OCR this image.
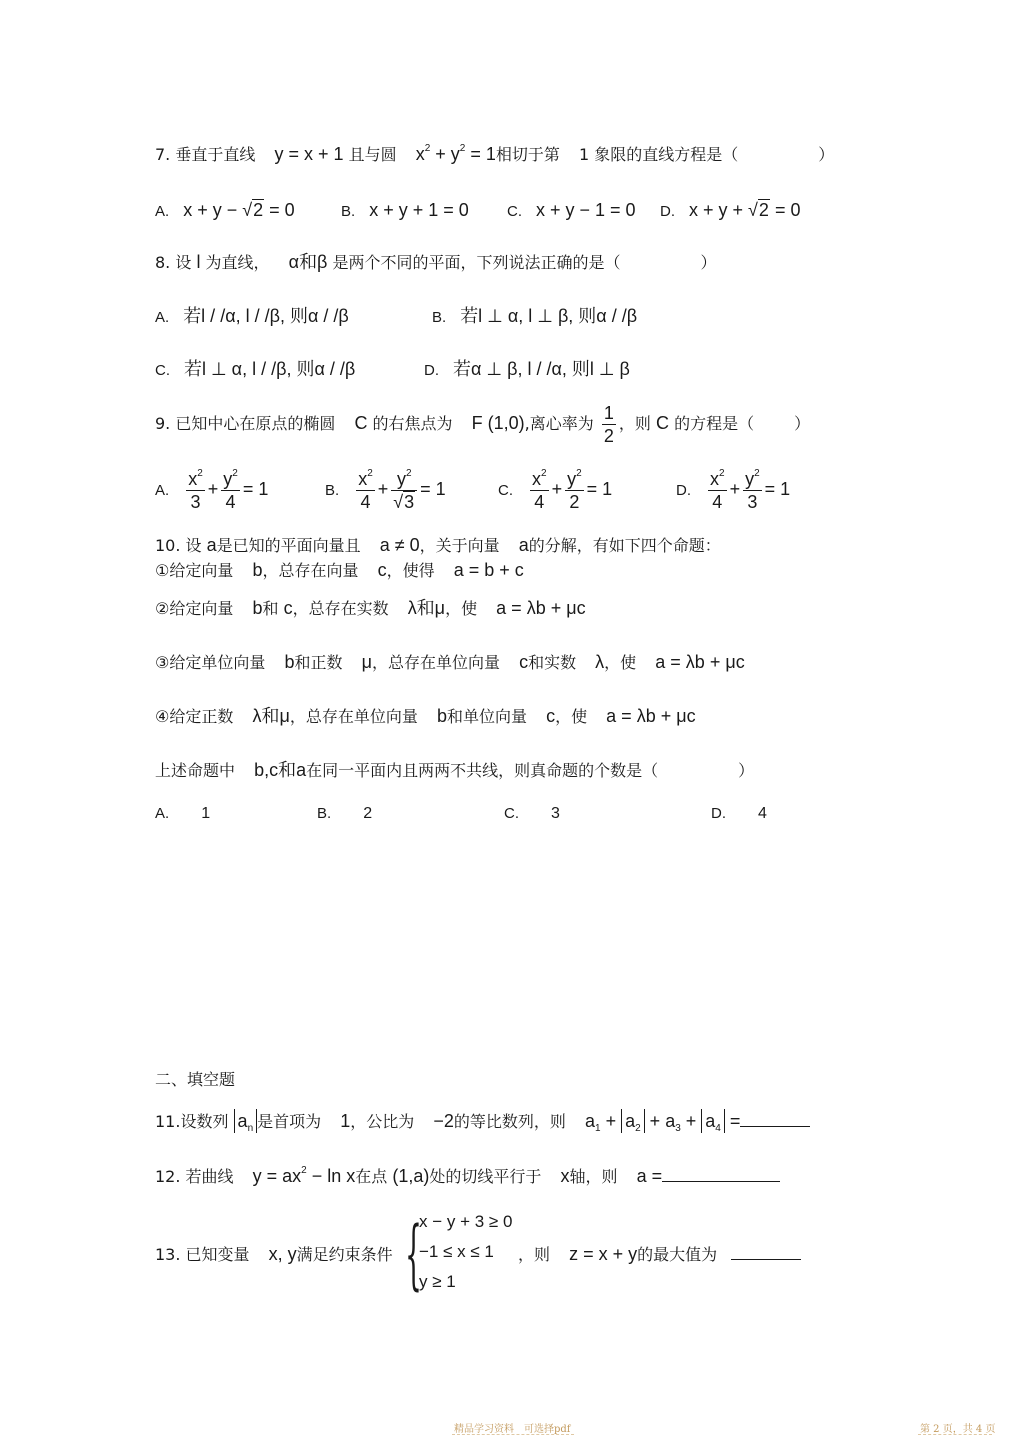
7. 垂直于直线 y = x + 1 且与圆 $x^2 + y^2 = 1$相切于第 1 象限的直线方程是（	）
A. x + y − √2 = 0	B. x + y + 1 = 0	C. x + y − 1 = 0 D. x + y + √2 = 0
8. 设 l 为直线， α和β 是两个不同的平面，下列说法正确的是（	）
A. 若l / /α, l / /β, 则α / /β	B. 若l ⊥ α, l ⊥ β, 则α / /β
C. 若l ⊥ α, l / /β, 则α / /β	D. 若α ⊥ β, l / /α, 则l ⊥ β
9. 已知中心在原点的椭圆 C 的右焦点为 F (1,0),离心率为 $\frac{1}{2}$ ，则 C 的方程是（	）
A. $\frac{x^2}{3} + \frac{y^2}{4} = 1$	B. $\frac{x^2}{4} + \frac{y^2}{√3} = 1$	C. $\frac{x^2}{4} + \frac{y^2}{2} = 1$	D. $\frac{x^2}{4} + \frac{y^2}{3} = 1$
10. 设 a是已知的平面向量且 a ≠ 0，关于向量 a的分解，有如下四个命题：
①给定向量 b，总存在向量 c，使得 a = b + c
②给定向量 b和 c，总存在实数 λ和μ，使 a = λb + μc
③给定单位向量 b和正数 μ，总存在单位向量 c和实数 λ，使 a = λb + μc
④给定正数 λ和μ，总存在单位向量 b和单位向量 c，使 a = λb + μc
上述命题中 b,c和a在同一平面内且两两不共线，则真命题的个数是（	）
A. 1	B. 2	C. 3	D. 4
二、填空题
11.设数列 $a_n$ 是首项为 1，公比为 −2的等比数列，则 $a_1 + a_2 + a_3 + a_4$ =
12. 若曲线 $y = ax^2 - \ln x$在点 (1,a)处的切线平行于 x轴，则 a =
13. 已知变量 x, y满足约束条件 {
x − y + 3 ≥ 0
−1 ≤ x ≤ 1
y ≥ 1
，则 z = x + y的最大值为
精品学习资料　可选择pdf	第 2 页，共 4 页
